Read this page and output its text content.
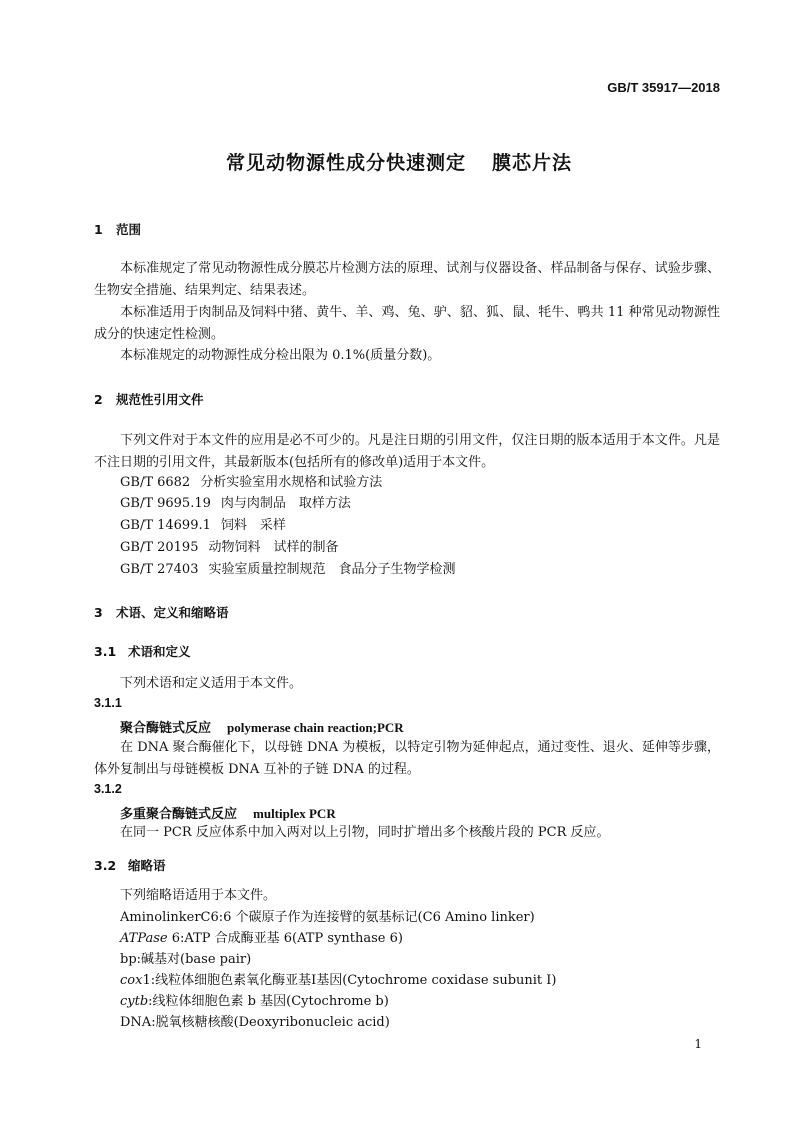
GB/T 35917—2018
常见动物源性成分快速测定 膜芯片法
1 范围
本标准规定了常见动物源性成分膜芯片检测方法的原理、试剂与仪器设备、样品制备与保存、试验步骤、生物安全措施、结果判定、结果表述。
本标准适用于肉制品及饲料中猪、黄牛、羊、鸡、兔、驴、貂、狐、鼠、牦牛、鸭共 11 种常见动物源性成分的快速定性检测。
本标准规定的动物源性成分检出限为 0.1%(质量分数)。
2 规范性引用文件
下列文件对于本文件的应用是必不可少的。凡是注日期的引用文件，仅注日期的版本适用于本文件。凡是不注日期的引用文件，其最新版本(包括所有的修改单)适用于本文件。
GB/T 6682 分析实验室用水规格和试验方法
GB/T 9695.19 肉与肉制品　取样方法
GB/T 14699.1 饲料　采样
GB/T 20195 动物饲料　试样的制备
GB/T 27403 实验室质量控制规范　食品分子生物学检测
3 术语、定义和缩略语
3.1 术语和定义
下列术语和定义适用于本文件。
3.1.1
聚合酶链式反应 polymerase chain reaction;PCR
在 DNA 聚合酶催化下，以母链 DNA 为模板，以特定引物为延伸起点，通过变性、退火、延伸等步骤，体外复制出与母链模板 DNA 互补的子链 DNA 的过程。
3.1.2
多重聚合酶链式反应 multiplex PCR
在同一 PCR 反应体系中加入两对以上引物，同时扩增出多个核酸片段的 PCR 反应。
3.2 缩略语
下列缩略语适用于本文件。
AminolinkerC6:6 个碳原子作为连接臂的氨基标记(C6 Amino linker)
ATPase 6:ATP 合成酶亚基 6(ATP synthase 6)
bp:碱基对(base pair)
cox1:线粒体细胞色素氧化酶亚基Ⅰ基因(Cytochrome coxidase subunit Ⅰ)
cytb:线粒体细胞色素 b 基因(Cytochrome b)
DNA:脱氧核糖核酸(Deoxyribonucleic acid)
1
